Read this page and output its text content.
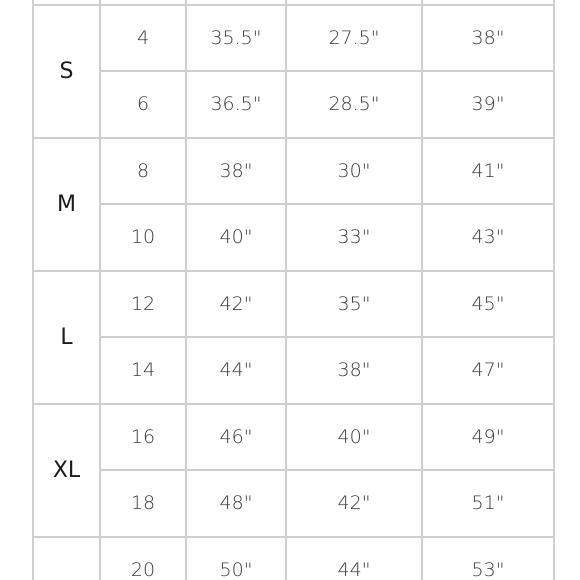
S	4	35.5"	27.5"	38"
	6	36.5"	28.5"	39"
M	8	38"	30"	41"
	10	40"	33"	43"
L	12	42"	35"	45"
	14	44"	38"	47"
XL	16	46"	40"	49"
	18	48"	42"	51"
	20	50"	44"	53"
